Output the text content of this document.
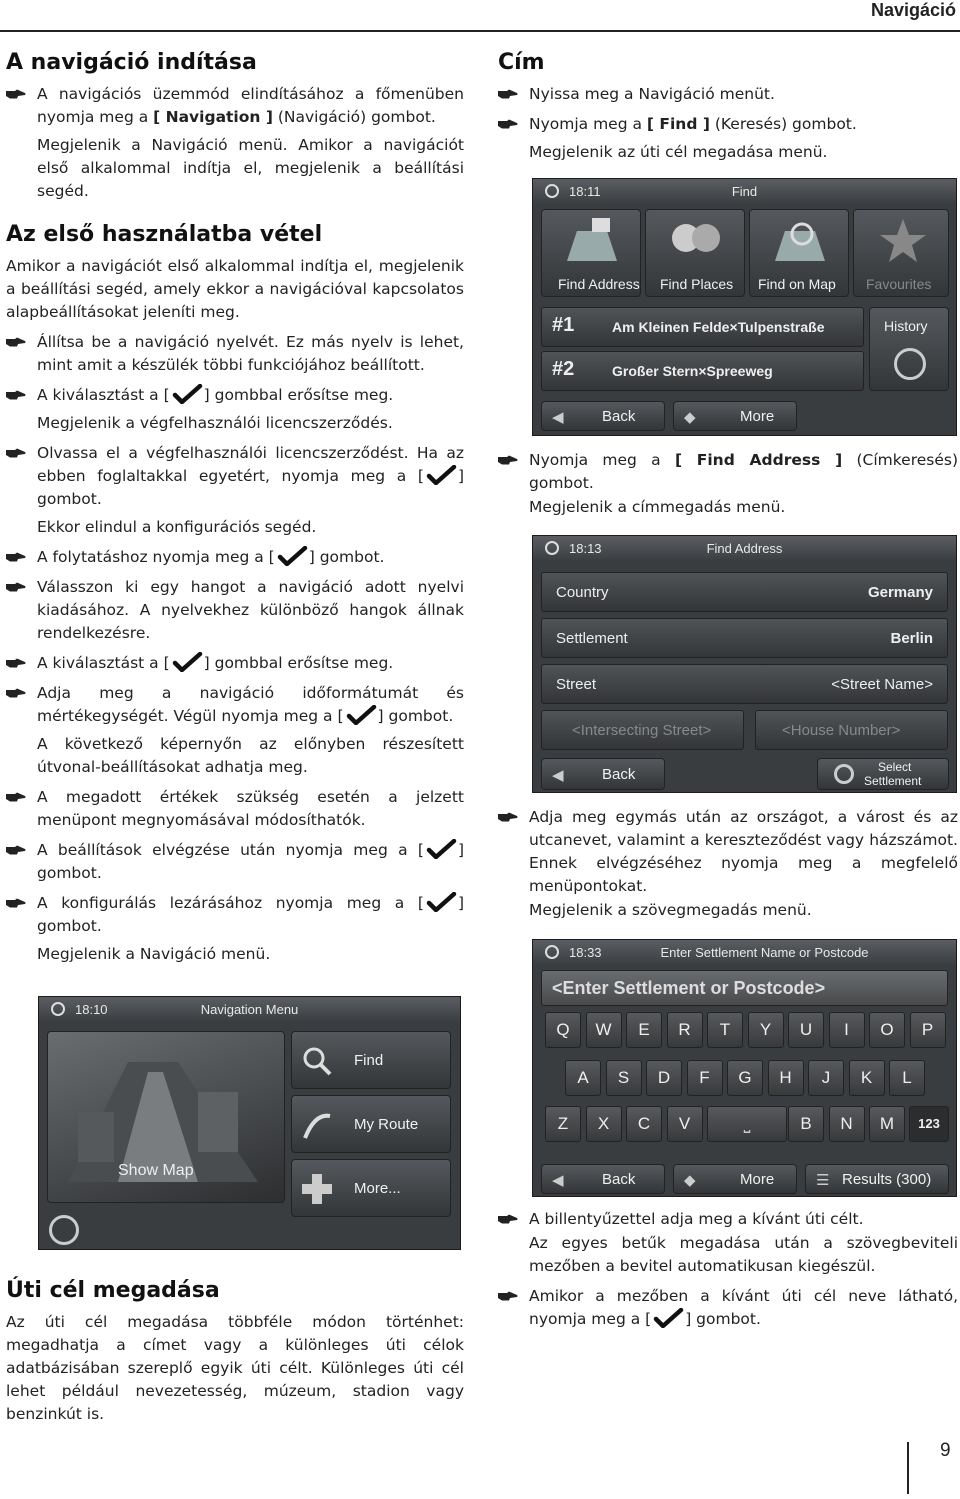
Navigáció
A navigáció indítása
A navigációs üzemmód elindításához a főmenüben nyomja meg a [ Navigation ] (Navigáció) gombot.
Megjelenik a Navigáció menü. Amikor a navigációt első alkalommal indítja el, megjelenik a beállítási segéd.
Az első használatba vétel

Amikor a navigációt első alkalommal indítja el, megjelenik a beállítási segéd, amely ekkor a navigációval kapcsolatos alapbeállításokat jeleníti meg.

Állítsa be a navigáció nyelvét. Ez más nyelv is lehet, mint amit a készülék többi funkciójához beállított.
A kiválasztást a [ ] gombbal erősítse meg.
Megjelenik a végfelhasználói licencszerződés.
Olvassa el a végfelhasználói licencszerződést. Ha az ebben foglaltakkal egyetért, nyomja meg a [ ] gombot.
Ekkor elindul a konfigurációs segéd.
A folytatáshoz nyomja meg a [ ] gombot.
Válasszon ki egy hangot a navigáció adott nyelvi kiadásához. A nyelvekhez különböző hangok állnak rendelkezésre.
A kiválasztást a [ ] gombbal erősítse meg.
Adja meg a navigáció időformátumát és mértékegységét. Végül nyomja meg a [ ] gombot.
A következő képernyőn az előnyben részesített útvonal-beállításokat adhatja meg.
A megadott értékek szükség esetén a jelzett menüpont megnyomásával módosíthatók.
A beállítások elvégzése után nyomja meg a [ ] gombot.
A konfigurálás lezárásához nyomja meg a [ ] gombot.
Megjelenik a Navigáció menü.
18:10	Navigation Menu
Show Map
Find
My Route
More...
Úti cél megadása

Az úti cél megadása többféle módon történhet: megadhatja a címet vagy a különleges úti célok adatbázisában szereplő egyik úti célt. Különleges úti cél lehet például nevezetesség, múzeum, stadion vagy benzinkút is.

Cím
Nyissa meg a Navigáció menüt.
Nyomja meg a [ Find ] (Keresés) gombot.
Megjelenik az úti cél megadása menü.
18:11	Find
Find Address Find Places Find on Map Favourites
#1	Am Kleinen Felde×Tulpenstraße
#2	Großer Stern×Spreeweg
History
◀	Back	◆	More
Nyomja meg a [ Find Address ] (Címkeresés) gombot.
Megjelenik a címmegadás menü.
18:13	Find Address
Country	Germany
Settlement	Berlin
Street	<Street Name>
<Intersecting Street>	<House Number>
◀	Back	Select
Settlement
Adja meg egymás után az országot, a várost és az utcanevet, valamint a kereszteződést vagy házszámot. Ennek elvégzéséhez nyomja meg a megfelelő menüpontokat.
Megjelenik a szövegmegadás menü.
18:33	Enter Settlement Name or Postcode
<Enter Settlement or Postcode>
Q	W	E	R	T	Y	U	I	O	P
A	S	D	F	G	H	J	K	L
Z	X	C	V	⎵	B	N	M	123
◀	Back	◆	More	☰ Results (300)
A billentyűzettel adja meg a kívánt úti célt.
Az egyes betűk megadása után a szövegbeviteli mezőben a bevitel automatikusan kiegészül.
Amikor a mezőben a kívánt úti cél neve látható, nyomja meg a [ ] gombot.
9
